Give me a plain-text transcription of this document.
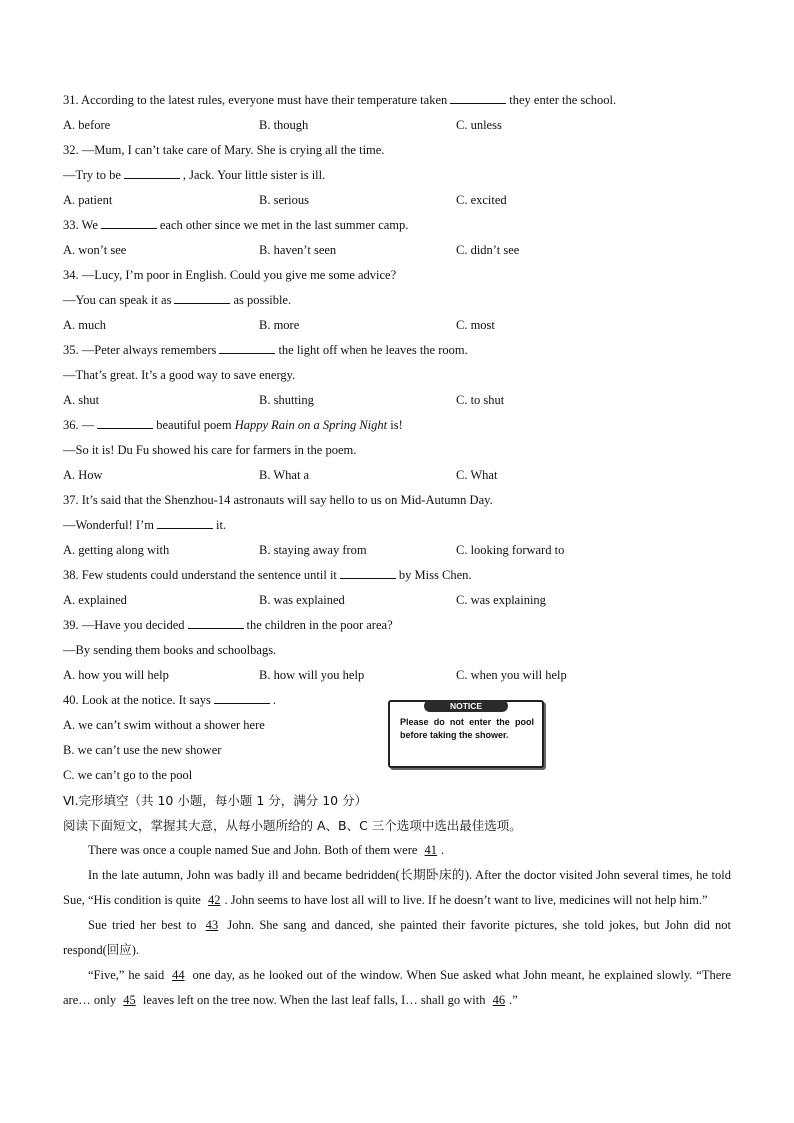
31. According to the latest rules, everyone must have their temperature taken	they enter the school.
A. before	B. though	C. unless
32. —Mum, I can’t take care of Mary. She is crying all the time.
—Try to be	, Jack. Your little sister is ill.
A. patient	B. serious	C. excited
33. We	each other since we met in the last summer camp.
A. won’t see	B. haven’t seen	C. didn’t see
34. —Lucy, I’m poor in English. Could you give me some advice?
—You can speak it as	as possible.
A. much	B. more	C. most
35. —Peter always remembers	the light off when he leaves the room.
—That’s great. It’s a good way to save energy.
A. shut	B. shutting	C. to shut
36. —	beautiful poem Happy Rain on a Spring Night is!
—So it is! Du Fu showed his care for farmers in the poem.
A. How	B. What a	C. What
37. It’s said that the Shenzhou-14 astronauts will say hello to us on Mid-Autumn Day.
—Wonderful! I’m	it.
A. getting along with	B. staying away from	C. looking forward to
38. Few students could understand the sentence until it	by Miss Chen.
A. explained	B. was explained	C. was explaining
39. —Have you decided	the children in the poor area?
—By sending them books and schoolbags.
A. how you will help	B. how will you help	C. when you will help
40. Look at the notice. It says	.
A. we can’t swim without a shower here
B. we can’t use the new shower
C. we can’t go to the pool
Ⅵ.完形填空（共 10 小题，每小题 1 分，满分 10 分）
阅读下面短文，掌握其大意，从每小题所给的 A、B、C 三个选项中选出最佳选项。
There was once a couple named Sue and John. Both of them were 41 .
In the late autumn, John was badly ill and became bedridden(长期卧床的). After the doctor visited John several times, he told Sue, “His condition is quite 42 . John seems to have lost all will to live. If he doesn’t want to live, medicines will not help him.”
Sue tried her best to 43 John. She sang and danced, she painted their favorite pictures, she told jokes, but John did not respond(回应).
“Five,” he said 44 one day, as he looked out of the window. When Sue asked what John meant, he explained slowly. “There are… only 45 leaves left on the tree now. When the last leaf falls, I… shall go with 46 .”
NOTICE
Please do not enter the pool before taking the shower.
